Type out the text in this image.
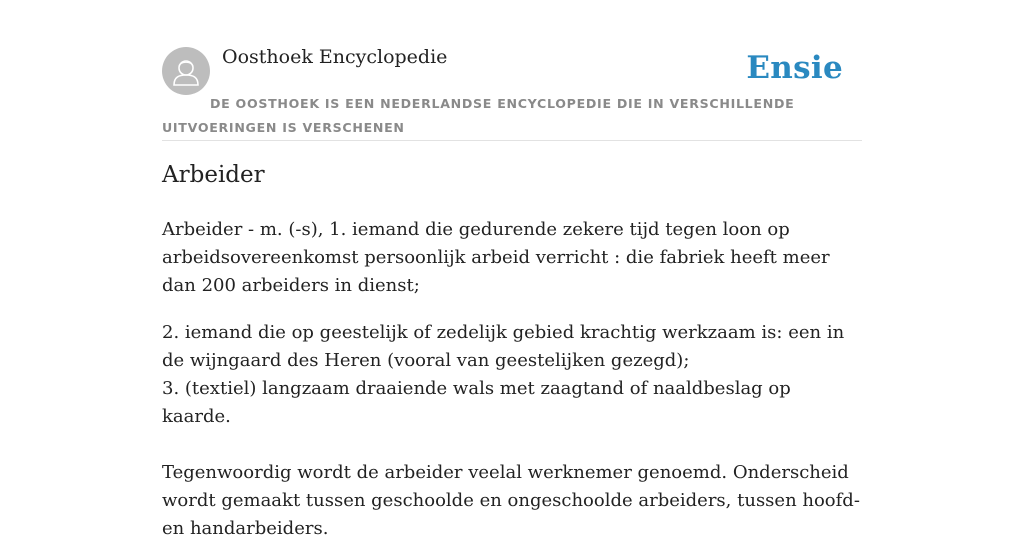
Oosthoek Encyclopedie	Ensie
DE OOSTHOEK IS EEN NEDERLANDSE ENCYCLOPEDIE DIE IN VERSCHILLENDE UITVOERINGEN IS VERSCHENEN
Arbeider

Arbeider - m. (-s), 1. iemand die gedurende zekere tijd tegen loon op arbeidsovereenkomst persoonlijk arbeid verricht : die fabriek heeft meer dan 200 arbeiders in dienst;

2. iemand die op geestelijk of zedelijk gebied krachtig werkzaam is: een in de wijngaard des Heren (vooral van geestelijken gezegd);

3. (textiel) langzaam draaiende wals met zaagtand of naaldbeslag op kaarde.

Tegenwoordig wordt de arbeider veelal werknemer genoemd. Onderscheid wordt gemaakt tussen geschoolde en ongeschoolde arbeiders, tussen hoofd- en handarbeiders.
